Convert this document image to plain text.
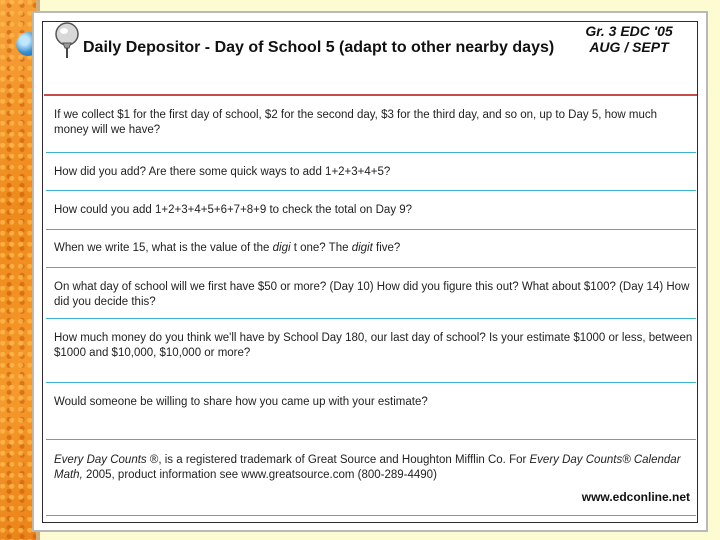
Daily Depositor - Day of School 5 (adapt to other nearby days)
Gr. 3 EDC '05
AUG / SEPT
If we collect $1 for the first day of school, $2 for the second day, $3 for the third day, and so on, up to Day 5, how much money will we have?
How did you add? Are there some quick ways to add 1+2+3+4+5?
How could you add 1+2+3+4+5+6+7+8+9 to check the total on Day 9?
When we write 15, what is the value of the digi t one? The digit five?
On what day of school will we first have $50 or more? (Day 10) How did you figure this out? What about $100? (Day 14) How did you decide this?
How much money do you think we'll have by School Day 180, our last day of school? Is your estimate $1000 or less, between $1000 and $10,000, $10,000 or more?
Would someone be willing to share how you came up with your estimate?
Every Day Counts ®, is a registered trademark of Great Source and Houghton Mifflin Co. For Every Day Counts® Calendar Math, 2005, product information see www.greatsource.com (800-289-4490)
www.edconline.net
